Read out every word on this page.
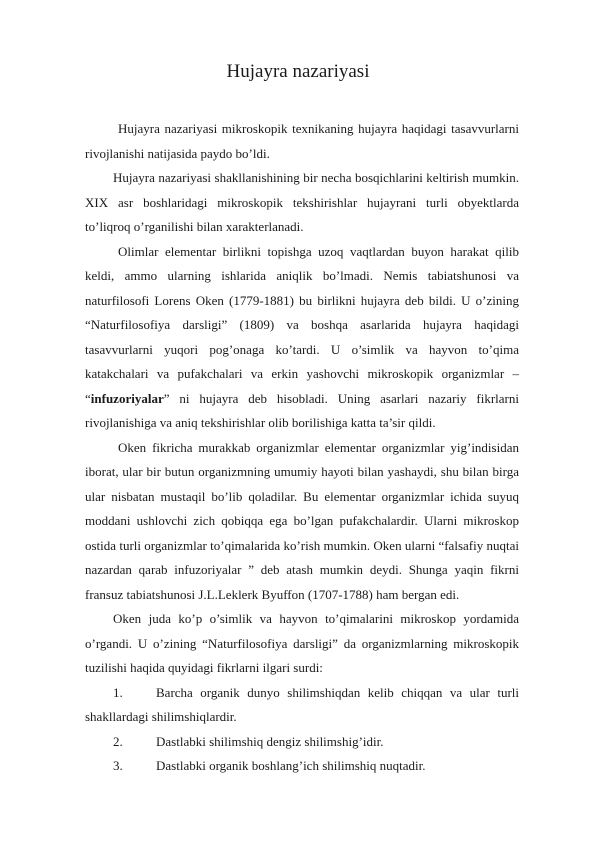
Hujayra nazariyasi

Hujayra nazariyasi mikroskopik texnikaning hujayra haqidagi tasavvurlarni rivojlanishi natijasida paydo bo’ldi.

Hujayra nazariyasi shakllanishining bir necha bosqichlarini keltirish mumkin. XIX asr boshlaridagi mikroskopik tekshirishlar hujayrani turli obyektlarda to’liqroq o’rganilishi bilan xarakterlanadi.

Olimlar elementar birlikni topishga uzoq vaqtlardan buyon harakat qilib keldi, ammo ularning ishlarida aniqlik bo’lmadi. Nemis tabiatshunosi va naturfilosofi Lorens Oken (1779-1881) bu birlikni hujayra deb bildi. U o’zining “Naturfilosofiya darsligi” (1809) va boshqa asarlarida hujayra haqidagi tasavvurlarni yuqori pog’onaga ko’tardi. U o’simlik va hayvon to’qima katakchalari va pufakchalari va erkin yashovchi mikroskopik organizmlar – “infuzoriyalar” ni hujayra deb hisobladi. Uning asarlari nazariy fikrlarni rivojlanishiga va aniq tekshirishlar olib borilishiga katta ta’sir qildi.

Oken fikricha murakkab organizmlar elementar organizmlar yig’indisidan iborat, ular bir butun organizmning umumiy hayoti bilan yashaydi, shu bilan birga ular nisbatan mustaqil bo’lib qoladilar. Bu elementar organizmlar ichida suyuq moddani ushlovchi zich qobiqqa ega bo’lgan pufakchalardir. Ularni mikroskop ostida turli organizmlar to’qimalarida ko’rish mumkin. Oken ularni “falsafiy nuqtai nazardan qarab infuzoriyalar ” deb atash mumkin deydi. Shunga yaqin fikrni fransuz tabiatshunosi J.L.Leklerk Byuffon (1707-1788) ham bergan edi.

Oken juda ko’p o’simlik va hayvon to’qimalarini mikroskop yordamida o’rgandi. U o’zining “Naturfilosofiya darsligi” da organizmlarning mikroskopik tuzilishi haqida quyidagi fikrlarni ilgari surdi:

1.	Barcha organik dunyo shilimshiqdan kelib chiqqan va ular turli shakllardagi shilimshiqlardir.

2.	Dastlabki shilimshiq dengiz shilimshig’idir.

3.	Dastlabki organik boshlang’ich shilimshiq nuqtadir.
